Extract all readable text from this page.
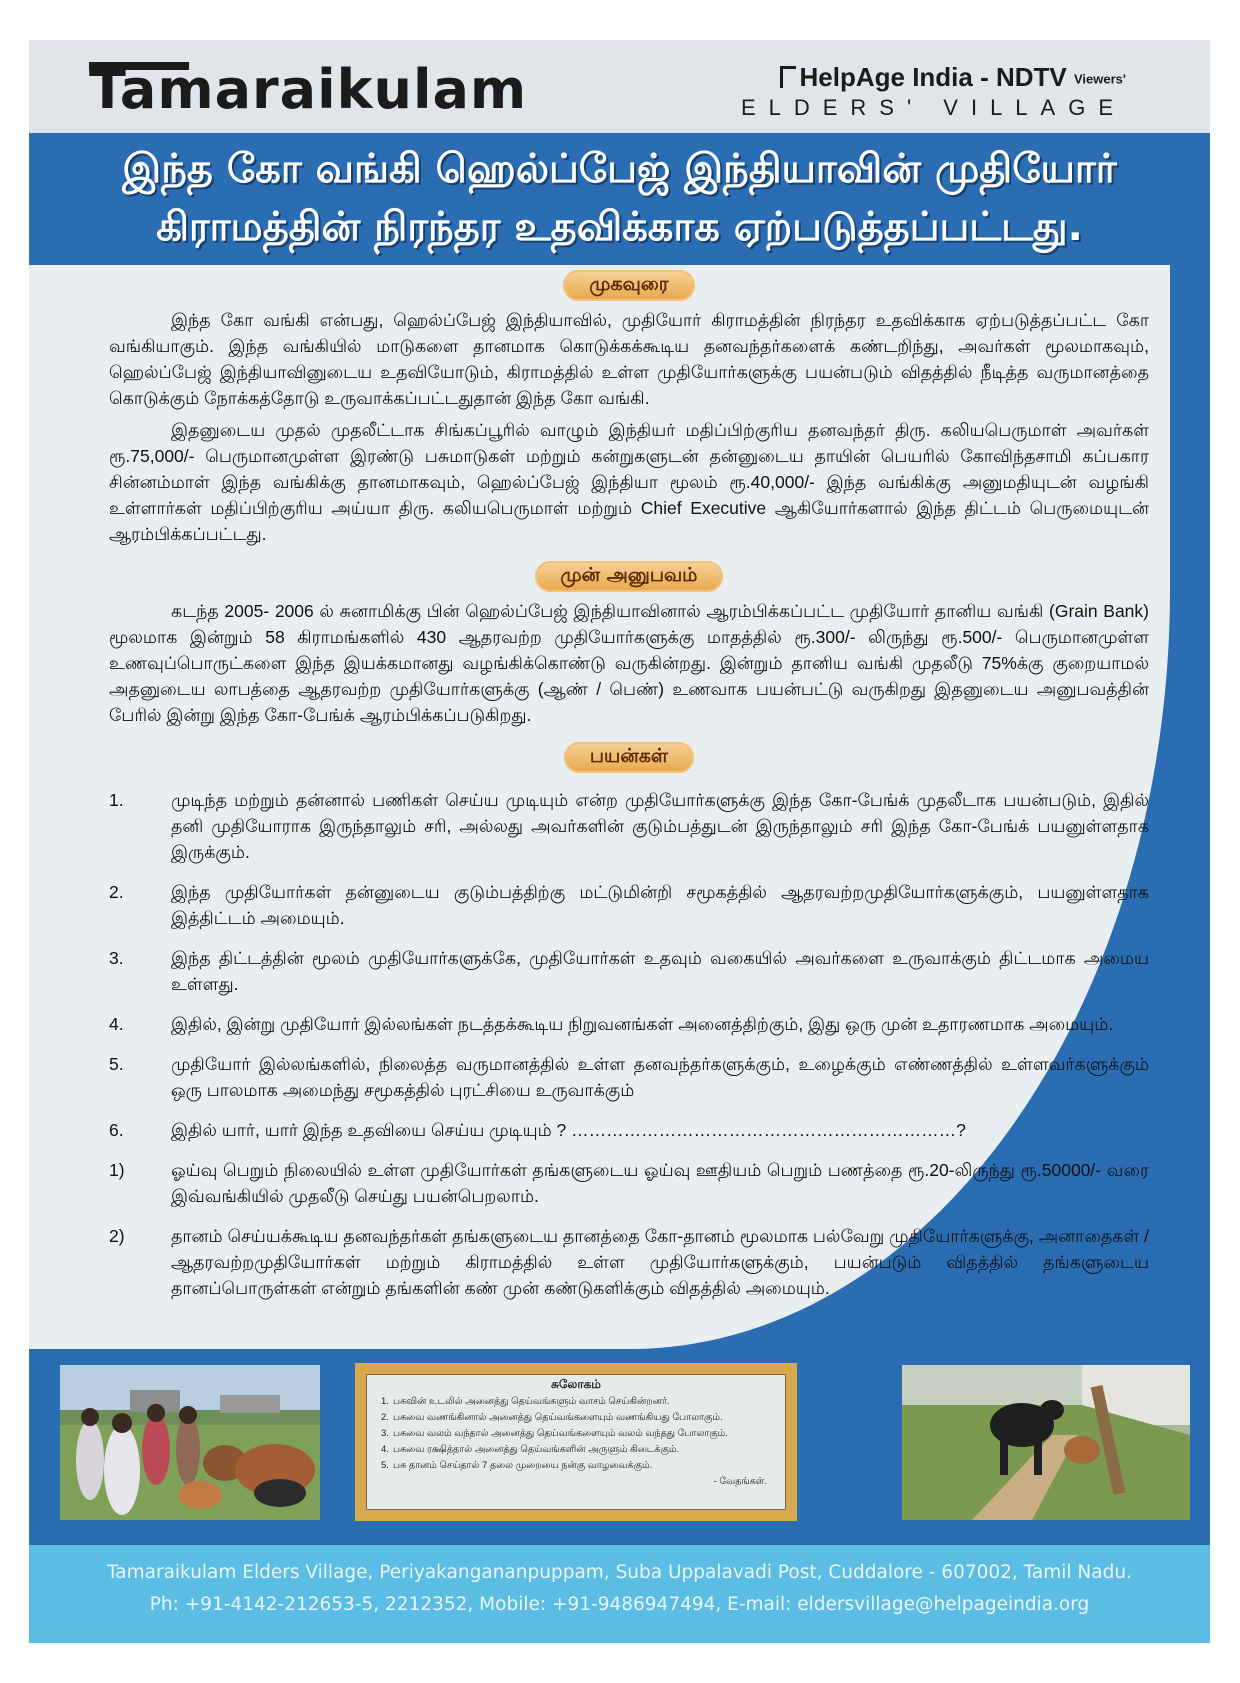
Tamaraikulam	HelpAge India - NDTV Viewers'
ELDERS' VILLAGE
இந்த கோ வங்கி ஹெல்ப்பேஜ் இந்தியாவின் முதியோர்
கிராமத்தின் நிரந்தர உதவிக்காக ஏற்படுத்தப்பட்டது.
முகவுரை

இந்த கோ வங்கி என்பது, ஹெல்ப்பேஜ் இந்தியாவில், முதியோர் கிராமத்தின் நிரந்தர உதவிக்காக ஏற்படுத்தப்பட்ட கோ வங்கியாகும். இந்த வங்கியில் மாடுகளை தானமாக கொடுக்கக்கூடிய தனவந்தர்களைக் கண்டறிந்து, அவர்கள் மூலமாகவும், ஹெல்ப்பேஜ் இந்தியாவினுடைய உதவியோடும், கிராமத்தில் உள்ள முதியோர்களுக்கு பயன்படும் விதத்தில் நீடித்த வருமானத்தை கொடுக்கும் நோக்கத்தோடு உருவாக்கப்பட்டதுதான் இந்த கோ வங்கி.

இதனுடைய முதல் முதலீட்டாக சிங்கப்பூரில் வாழும் இந்தியர் மதிப்பிற்குரிய தனவந்தர் திரு. கலியபெருமாள் அவர்கள் ரூ.75,000/- பெருமானமுள்ள இரண்டு பசுமாடுகள் மற்றும் கன்றுகளுடன் தன்னுடைய தாயின் பெயரில் கோவிந்தசாமி கப்பகார சின்னம்மாள் இந்த வங்கிக்கு தானமாகவும், ஹெல்ப்பேஜ் இந்தியா மூலம் ரூ.40,000/- இந்த வங்கிக்கு அனுமதியுடன் வழங்கி உள்ளார்கள் மதிப்பிற்குரிய அய்யா திரு. கலியபெருமாள் மற்றும் Chief Executive ஆகியோர்களால் இந்த திட்டம் பெருமையுடன் ஆரம்பிக்கப்பட்டது.

முன் அனுபவம்

கடந்த 2005- 2006 ல் சுனாமிக்கு பின் ஹெல்ப்பேஜ் இந்தியாவினால் ஆரம்பிக்கப்பட்ட முதியோர் தானிய வங்கி (Grain Bank) மூலமாக இன்றும் 58 கிராமங்களில் 430 ஆதரவற்ற முதியோர்களுக்கு மாதத்தில் ரூ.300/- லிருந்து ரூ.500/- பெருமானமுள்ள உணவுப்பொருட்களை இந்த இயக்கமானது வழங்கிக்கொண்டு வருகின்றது. இன்றும் தானிய வங்கி முதலீடு 75%க்கு குறையாமல் அதனுடைய லாபத்தை ஆதரவற்ற முதியோர்களுக்கு (ஆண் / பெண்) உணவாக பயன்பட்டு வருகிறது இதனுடைய அனுபவத்தின் பேரில் இன்று இந்த கோ-பேங்க் ஆரம்பிக்கப்படுகிறது.

பயன்கள்
1.	முடிந்த மற்றும் தன்னால் பணிகள் செய்ய முடியும் என்ற முதியோர்களுக்கு இந்த கோ-பேங்க் முதலீடாக பயன்படும், இதில் தனி முதியோராக இருந்தாலும் சரி, அல்லது அவர்களின் குடும்பத்துடன் இருந்தாலும் சரி இந்த கோ-பேங்க் பயனுள்ளதாக இருக்கும்.
2.	இந்த முதியோர்கள் தன்னுடைய குடும்பத்திற்கு மட்டுமின்றி சமூகத்தில் ஆதரவற்றமுதியோர்களுக்கும், பயனுள்ளதாக இத்திட்டம் அமையும்.
3.	இந்த திட்டத்தின் மூலம் முதியோர்களுக்கே, முதியோர்கள் உதவும் வகையில் அவர்களை உருவாக்கும் திட்டமாக அமைய உள்ளது.
4.	இதில், இன்று முதியோர் இல்லங்கள் நடத்தக்கூடிய நிறுவனங்கள் அனைத்திற்கும், இது ஒரு முன் உதாரணமாக அமையும்.
5.	முதியோர் இல்லங்களில், நிலைத்த வருமானத்தில் உள்ள தனவந்தர்களுக்கும், உழைக்கும் எண்ணத்தில் உள்ளவர்களுக்கும் ஒரு பாலமாக அமைந்து சமூகத்தில் புரட்சியை உருவாக்கும்
6.	இதில் யார், யார் இந்த உதவியை செய்ய முடியும் ? …………………………………………………………?
1)	ஓய்வு பெறும் நிலையில் உள்ள முதியோர்கள் தங்களுடைய ஓய்வு ஊதியம் பெறும் பணத்தை ரூ.20-லிருந்து ரூ.50000/- வரை இவ்வங்கியில் முதலீடு செய்து பயன்பெறலாம்.
2)	தானம் செய்யக்கூடிய தனவந்தர்கள் தங்களுடைய தானத்தை கோ-தானம் மூலமாக பல்வேறு முதியோர்களுக்கு, அனாதைகள் / ஆதரவற்றமுதியோர்கள் மற்றும் கிராமத்தில் உள்ள முதியோர்களுக்கும், பயன்படும் விதத்தில் தங்களுடைய தானப்பொருள்கள் என்றும் தங்களின் கண் முன் கண்டுகளிக்கும் விதத்தில் அமையும்.
சுலோகம்
1. பசுவின் உடலில் அனைத்து தெய்வங்களும் வாசம் செய்கின்றனர்.
2. பசுவை வணங்கினால் அனைத்து தெய்வங்களையும் வணங்கியது போலாகும்.
3. பசுவை வலம் வந்தால் அனைத்து தெய்வங்களையும் வலம் வந்தது போலாகும்.
4. பசுவை ரக்ஷித்தால் அனைத்து தெய்வங்களின் அருளும் கிடைக்கும்.
5. பசு தானம் செய்தால் 7 தலை முறையை நன்கு வாழவைக்கும்.
- வேதங்கள்.
Tamaraikulam Elders Village, Periyakangananpuppam, Suba Uppalavadi Post, Cuddalore - 607002, Tamil Nadu.
Ph: +91-4142-212653-5, 2212352, Mobile: +91-9486947494, E-mail: eldersvillage@helpageindia.org
